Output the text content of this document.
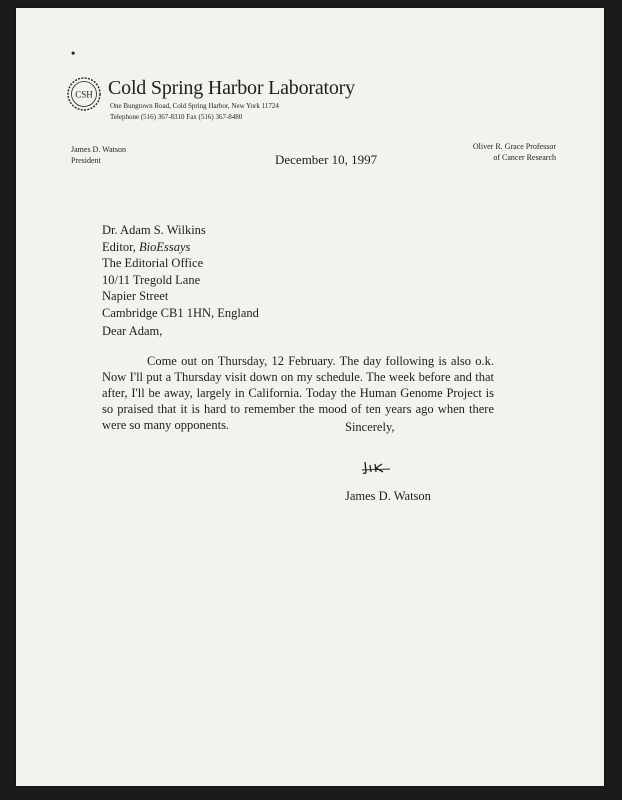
•
CSH Cold Spring Harbor Laboratory
One Bungtown Road, Cold Spring Harbor, New York 11724
Telephone (516) 367-8310 Fax (516) 367-8480
James D. Watson
President
Oliver R. Grace Professor
of Cancer Research
December 10, 1997
Dr. Adam S. Wilkins
Editor, BioEssays
The Editorial Office
10/11 Tregold Lane
Napier Street
Cambridge CB1 1HN, England
Dear Adam,
Come out on Thursday, 12 February. The day following is also o.k. Now I'll put a Thursday visit down on my schedule. The week before and that after, I'll be away, largely in California. Today the Human Genome Project is so praised that it is hard to remember the mood of ten years ago when there were so many opponents.	Sincerely,
James D. Watson
